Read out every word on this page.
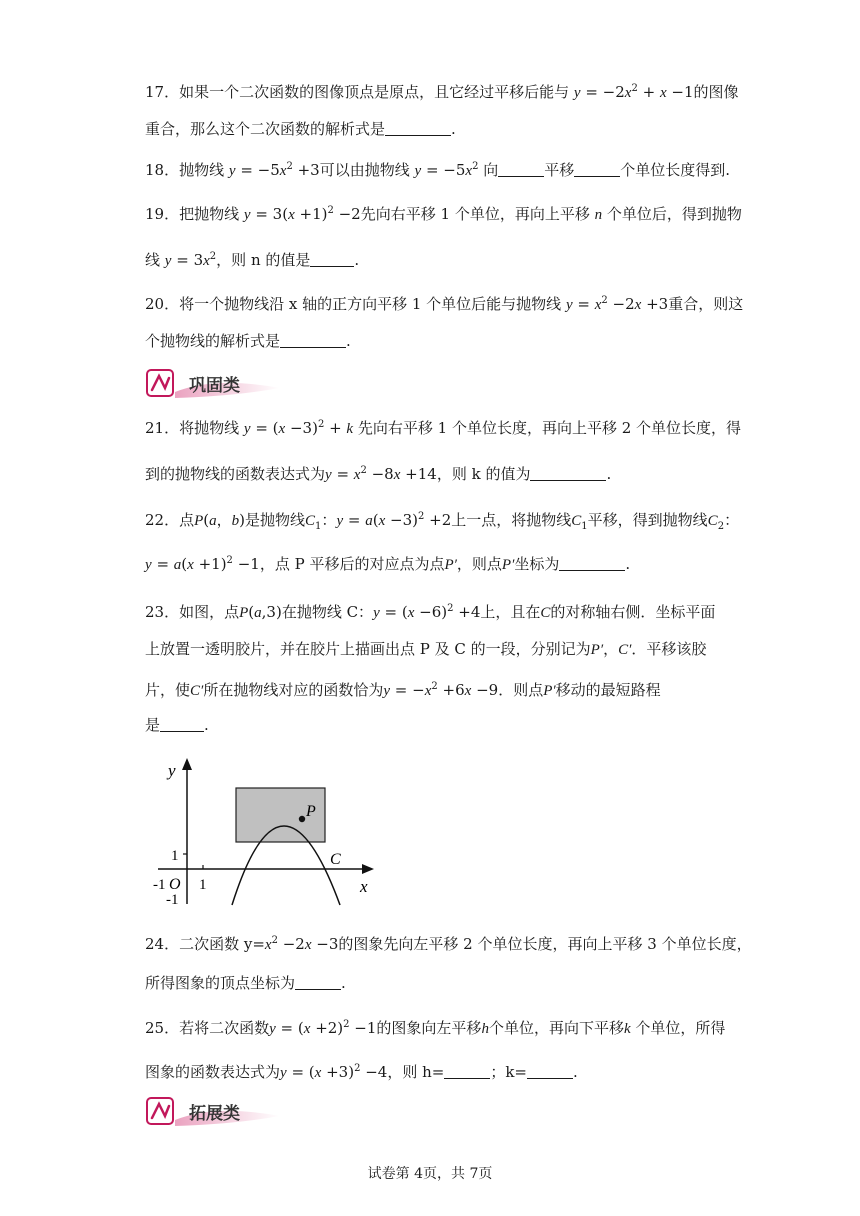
17．如果一个二次函数的图像顶点是原点，且它经过平移后能与 $y = -2x^2 + x -1$的图像
重合，那么这个二次函数的解析式是	.
18．抛物线 $y = -5x^2 +3$可以由抛物线 $y = -5x^2$ 向	平移	个单位长度得到.
19．把抛物线 $y = 3(x +1)^2 -2$先向右平移 1 个单位，再向上平移 n 个单位后，得到抛物
线 $y = 3x^2$，则 n 的值是	.
20．将一个抛物线沿 x 轴的正方向平移 1 个单位后能与抛物线 $y = x^2 -2x +3$重合，则这
个抛物线的解析式是	.
巩固类
21．将抛物线 $y = (x -3)^2 + k$ 先向右平移 1 个单位长度，再向上平移 2 个单位长度，得
到的抛物线的函数表达式为$y = x^2 -8x +14$，则 k 的值为	.
22．点P(a，b)是抛物线$C_1$：$y = a(x -3)^2 +2$上一点，将抛物线$C_1$平移，得到抛物线$C_2$：
$y = a(x +1)^2 -1$，点 P 平移后的对应点为点P′，则点P′坐标为	.
23．如图，点P(a,3)在抛物线 C：$y = (x -6)^2 +4$上，且在C的对称轴右侧．坐标平面
上放置一透明胶片，并在胶片上描画出点 P 及 C 的一段，分别记为P′，C′．平移该胶
片，使C′所在抛物线对应的函数恰为$y = -x^2 +6x -9$．则点P′移动的最短路程
是	.
y
x
1
-1 O 1
-1
P
C
24．二次函数 $y=x^2 -2x -3$的图象先向左平移 2 个单位长度，再向上平移 3 个单位长度，
所得图象的顶点坐标为	.
25．若将二次函数$y = (x +2)^2 -1$的图象向左平移h个单位，再向下平移k 个单位，所得
图象的函数表达式为$y = (x +3)^2 -4$，则 h=	；k=	.
拓展类
试卷第 4页，共 7页
